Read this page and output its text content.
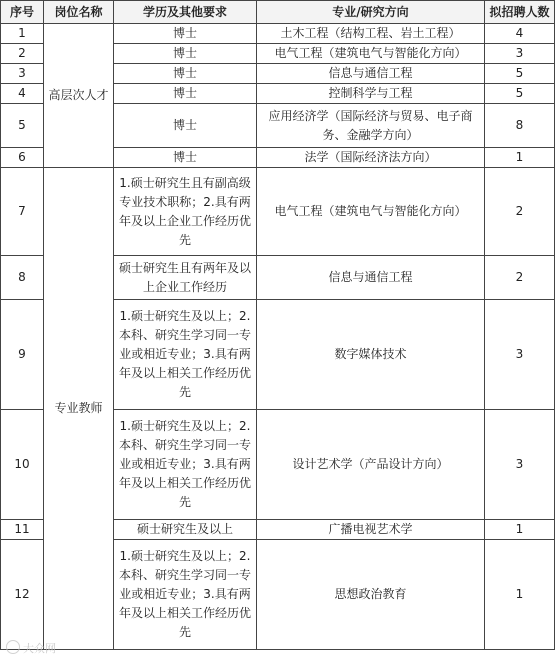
序号	岗位名称	学历及其他要求	专业/研究方向	拟招聘人数
1	高层次人才	博士	土木工程（结构工程、岩土工程）	4
2		博士	电气工程（建筑电气与智能化方向）	3
3		博士	信息与通信工程	5
4		博士	控制科学与工程	5
5		博士	应用经济学（国际经济与贸易、电子商务、金融学方向）	8
6		博士	法学（国际经济法方向）	1
7	专业教师	1.硕士研究生且有副高级专业技术职称；2.具有两年及以上企业工作经历优先	电气工程（建筑电气与智能化方向）	2
8		硕士研究生且有两年及以上企业工作经历	信息与通信工程	2
9		1.硕士研究生及以上；2.本科、研究生学习同一专业或相近专业；3.具有两年及以上相关工作经历优先	数字媒体技术	3
10		1.硕士研究生及以上；2.本科、研究生学习同一专业或相近专业；3.具有两年及以上相关工作经历优先	设计艺术学（产品设计方向）	3
11		硕士研究生及以上	广播电视艺术学	1
12		1.硕士研究生及以上；2.本科、研究生学习同一专业或相近专业；3.具有两年及以上相关工作经历优先	思想政治教育	1
大众网
